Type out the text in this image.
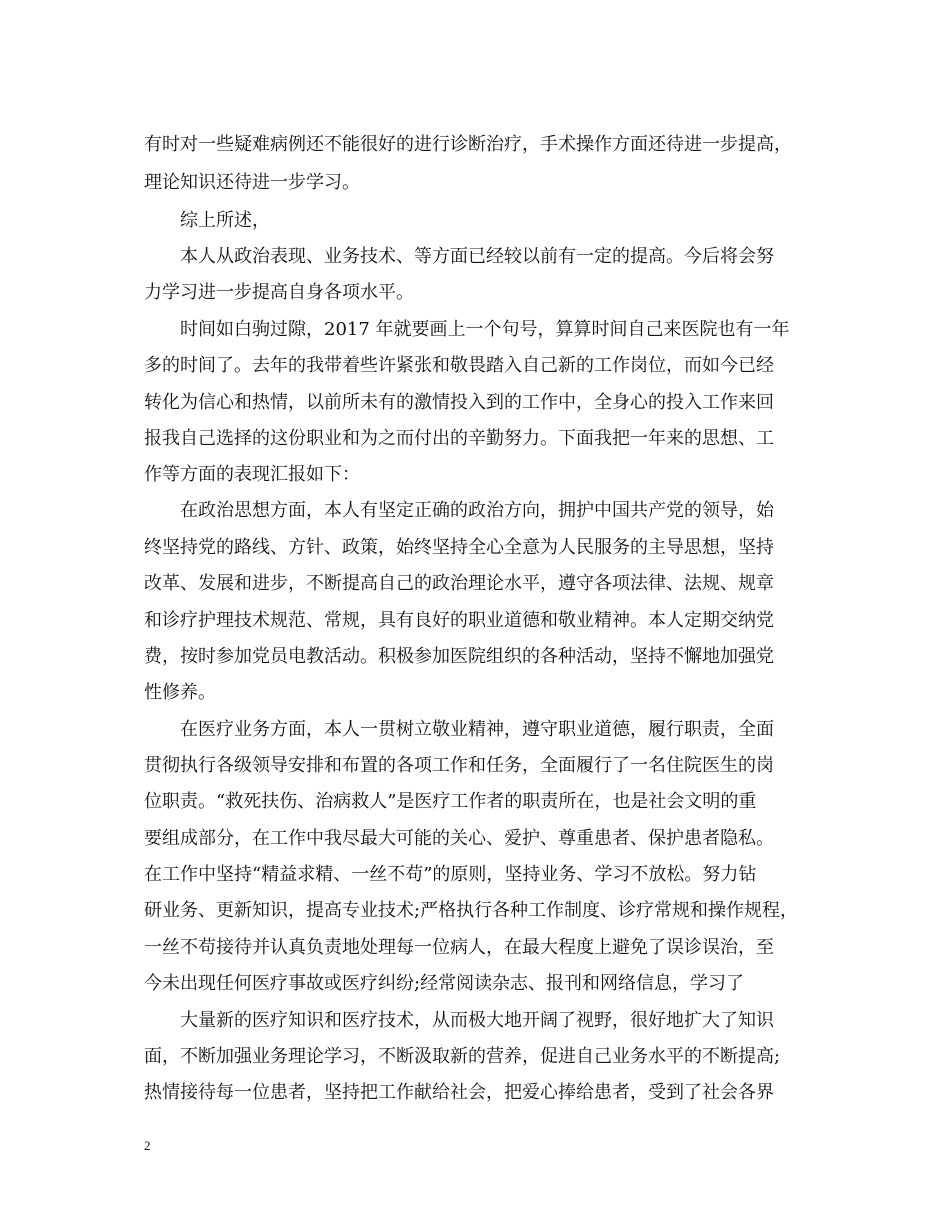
有时对一些疑难病例还不能很好的进行诊断治疗，手术操作方面还待进一步提高，
理论知识还待进一步学习。
综上所述，
本人从政治表现、业务技术、等方面已经较以前有一定的提高。今后将会努
力学习进一步提高自身各项水平。
时间如白驹过隙，2017 年就要画上一个句号，算算时间自己来医院也有一年
多的时间了。去年的我带着些许紧张和敬畏踏入自己新的工作岗位，而如今已经
转化为信心和热情，以前所未有的激情投入到的工作中，全身心的投入工作来回
报我自己选择的这份职业和为之而付出的辛勤努力。下面我把一年来的思想、工
作等方面的表现汇报如下：
在政治思想方面，本人有坚定正确的政治方向，拥护中国共产党的领导，始
终坚持党的路线、方针、政策，始终坚持全心全意为人民服务的主导思想，坚持
改革、发展和进步，不断提高自己的政治理论水平，遵守各项法律、法规、规章
和诊疗护理技术规范、常规，具有良好的职业道德和敬业精神。本人定期交纳党
费，按时参加党员电教活动。积极参加医院组织的各种活动，坚持不懈地加强党
性修养。
在医疗业务方面，本人一贯树立敬业精神，遵守职业道德，履行职责，全面
贯彻执行各级领导安排和布置的各项工作和任务，全面履行了一名住院医生的岗
位职责。“救死扶伤、治病救人”是医疗工作者的职责所在，也是社会文明的重
要组成部分，在工作中我尽最大可能的关心、爱护、尊重患者、保护患者隐私。
在工作中坚持“精益求精、一丝不苟”的原则，坚持业务、学习不放松。努力钻
研业务、更新知识，提高专业技术;严格执行各种工作制度、诊疗常规和操作规程，
一丝不苟接待并认真负责地处理每一位病人，在最大程度上避免了误诊误治，至
今未出现任何医疗事故或医疗纠纷;经常阅读杂志、报刊和网络信息，学习了
大量新的医疗知识和医疗技术，从而极大地开阔了视野，很好地扩大了知识
面，不断加强业务理论学习，不断汲取新的营养，促进自己业务水平的不断提高;
热情接待每一位患者，坚持把工作献给社会，把爱心捧给患者，受到了社会各界
2
